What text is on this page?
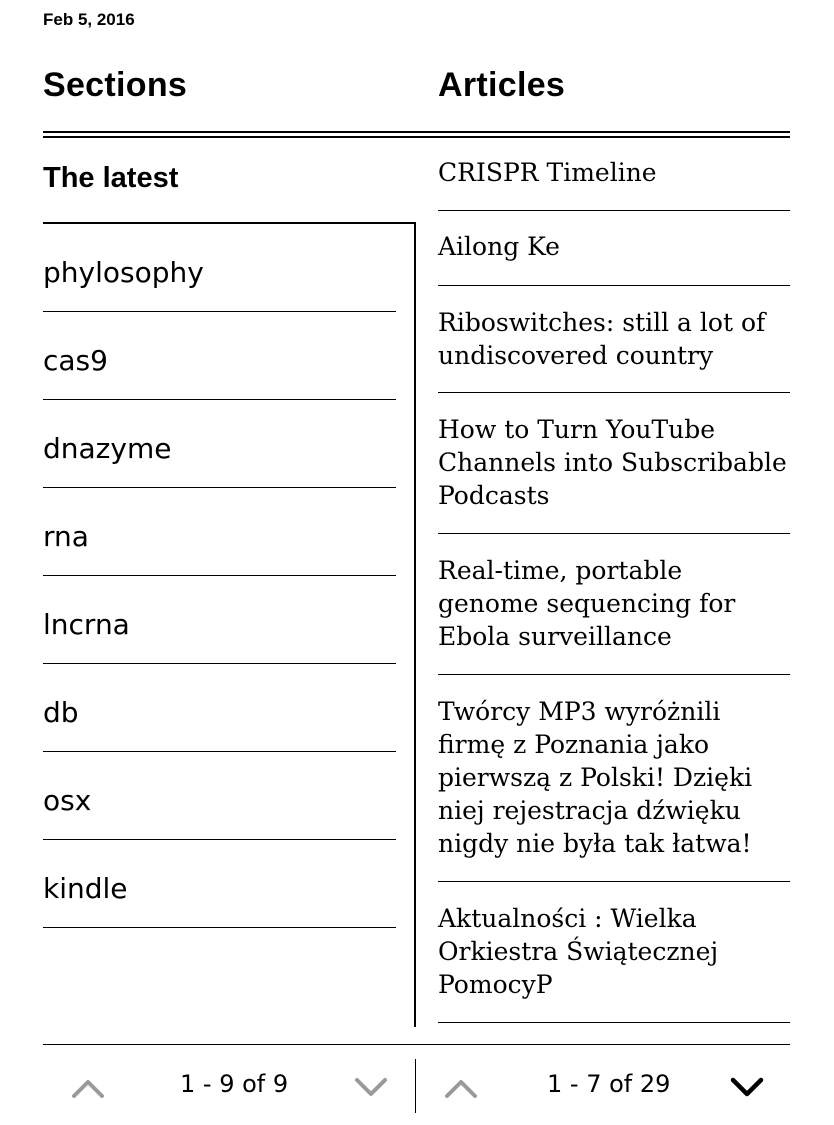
Feb 5, 2016
Sections	Articles
The latest
phylosophy
cas9
dnazyme
rna
lncrna
db
osx
kindle
CRISPR Timeline
Ailong Ke
Riboswitches: still a lot of undiscovered country
How to Turn YouTube Channels into Subscribable Podcasts
Real-time, portable genome sequencing for Ebola surveillance
Twórcy MP3 wyróżnili firmę z Poznania jako pierwszą z Polski! Dzięki niej rejestracja dźwięku nigdy nie była tak łatwa!
Aktualności : Wielka Orkiestra Świątecznej PomocyP
1 - 9 of 9	1 - 7 of 29
